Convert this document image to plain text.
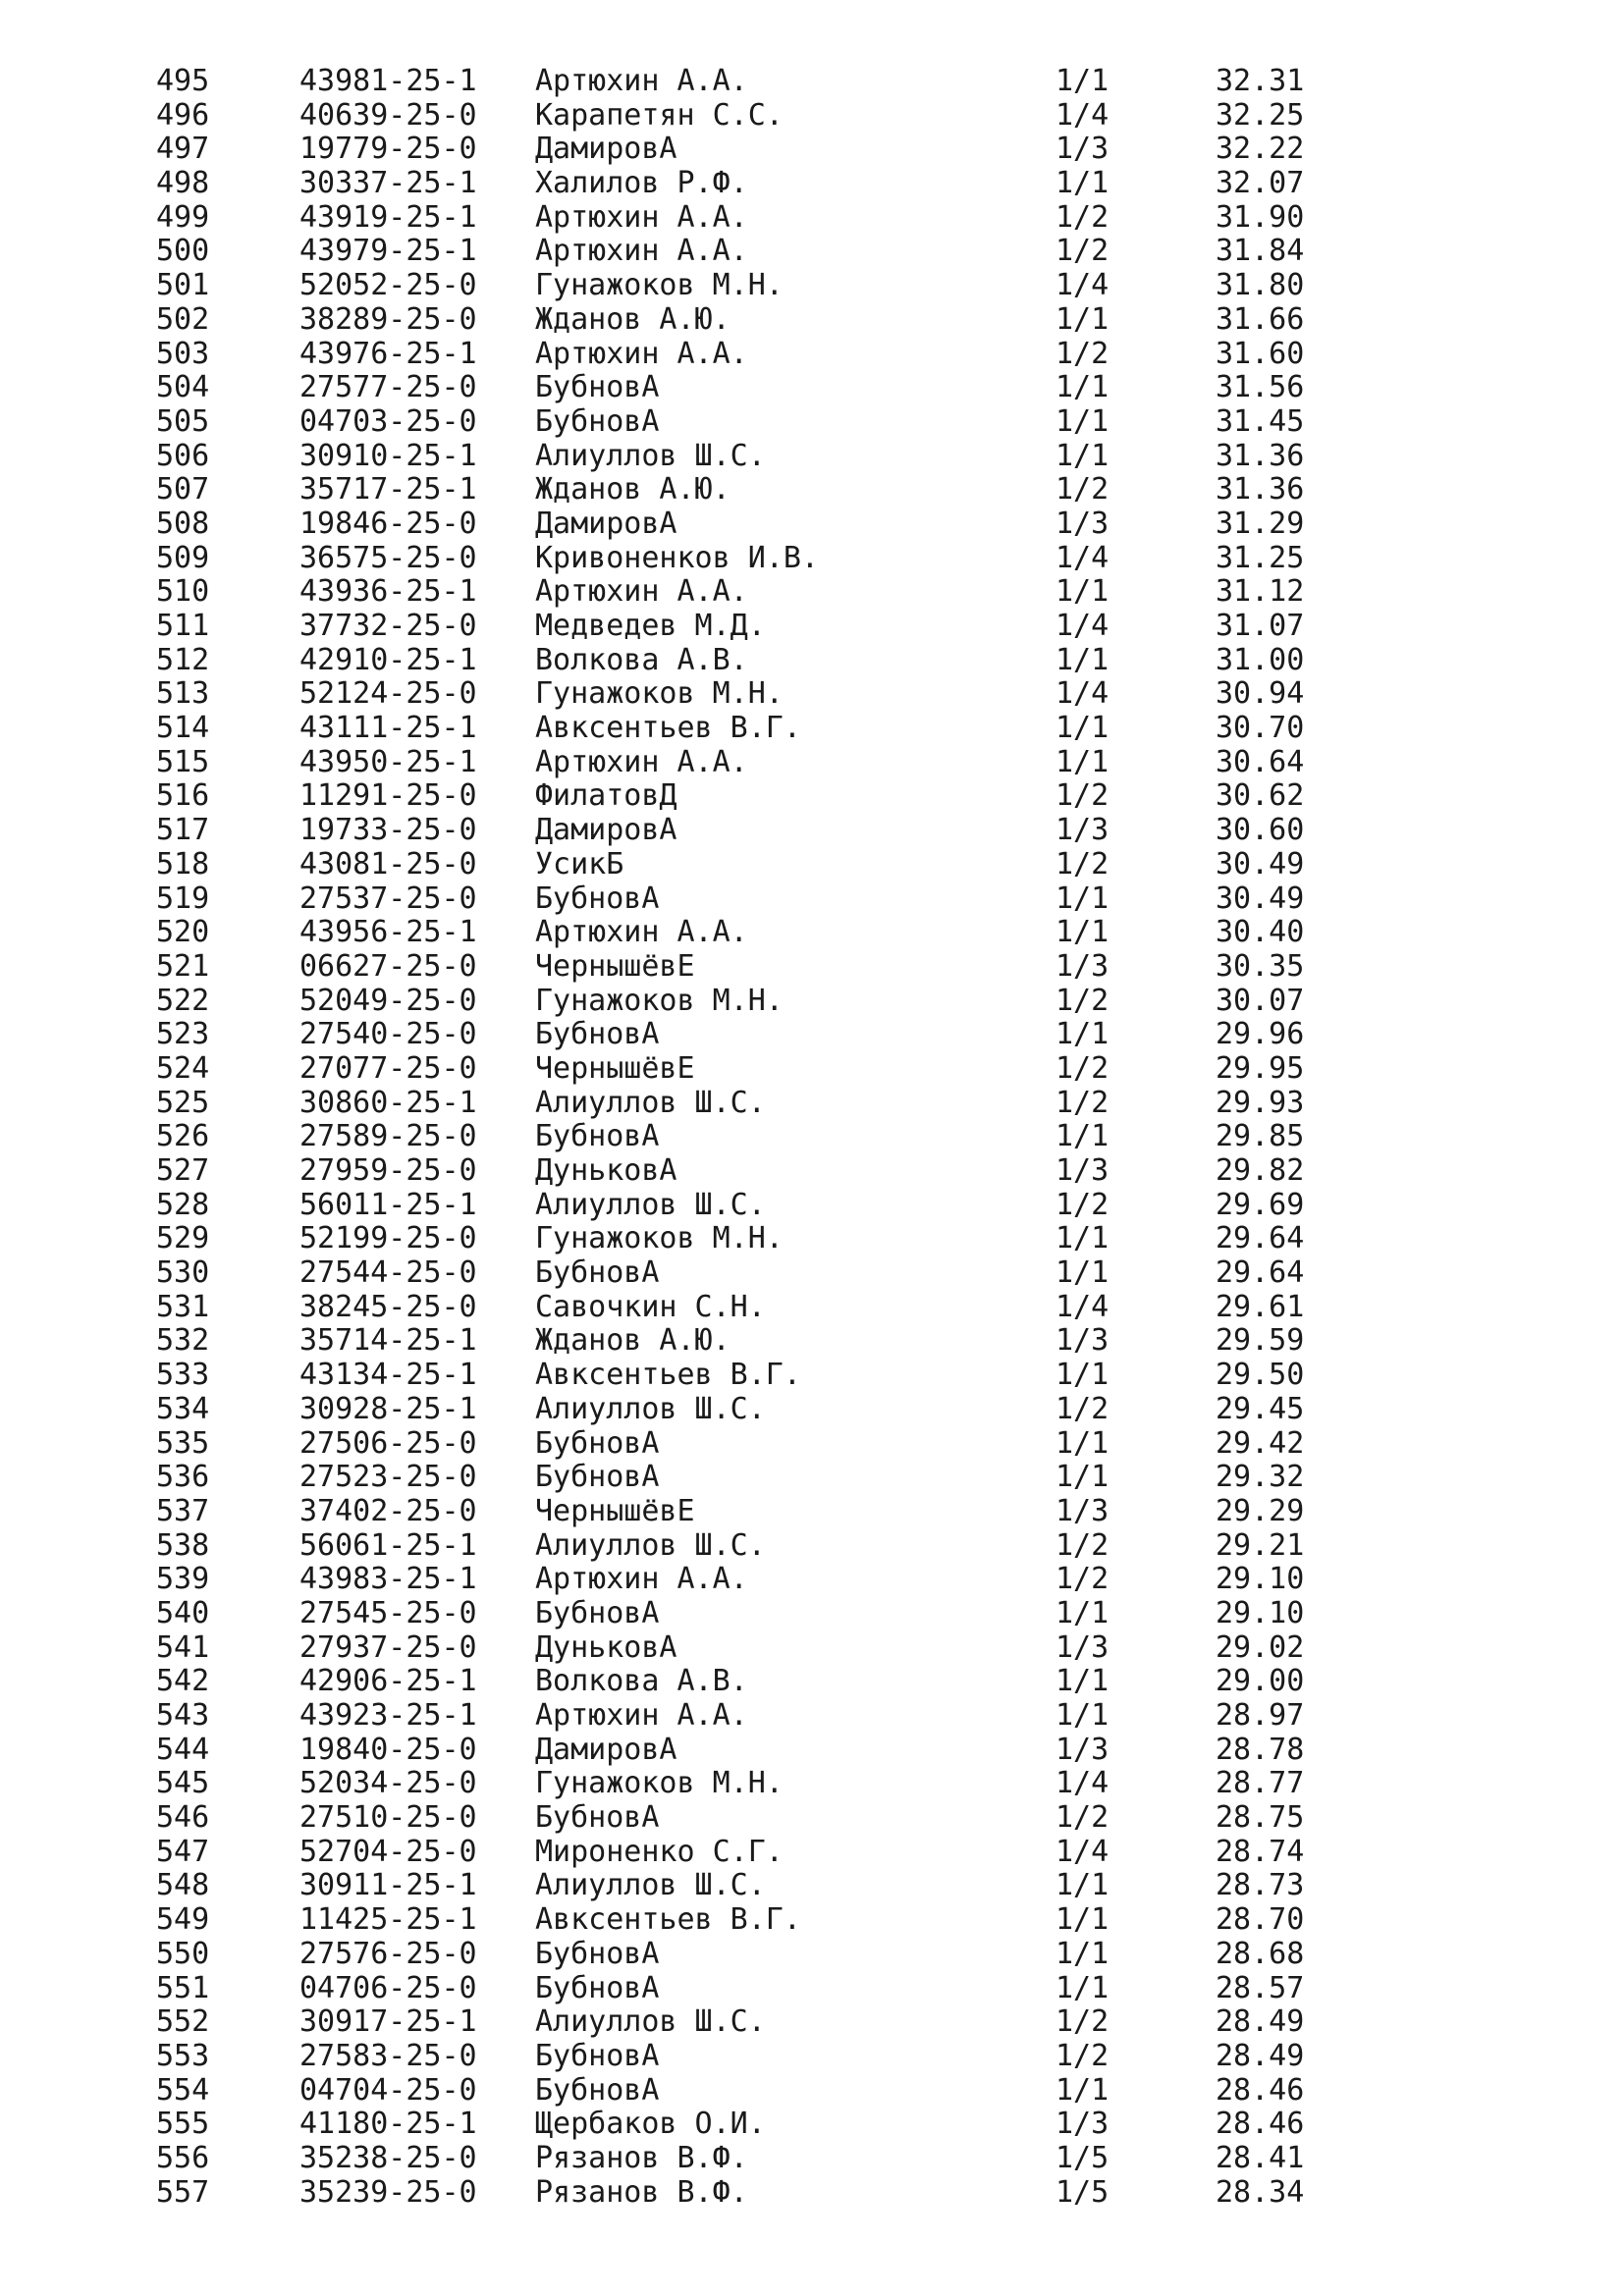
495	43981-25-1	Артюхин А.А.	1/1	32.31
496	40639-25-0	Карапетян С.С.	1/4	32.25
497	19779-25-0	ДамировА	1/3	32.22
498	30337-25-1	Халилов Р.Ф.	1/1	32.07
499	43919-25-1	Артюхин А.А.	1/2	31.90
500	43979-25-1	Артюхин А.А.	1/2	31.84
501	52052-25-0	Гунажоков М.Н.	1/4	31.80
502	38289-25-0	Жданов А.Ю.	1/1	31.66
503	43976-25-1	Артюхин А.А.	1/2	31.60
504	27577-25-0	БубновА	1/1	31.56
505	04703-25-0	БубновА	1/1	31.45
506	30910-25-1	Алиуллов Ш.С.	1/1	31.36
507	35717-25-1	Жданов А.Ю.	1/2	31.36
508	19846-25-0	ДамировА	1/3	31.29
509	36575-25-0	Кривоненков И.В.	1/4	31.25
510	43936-25-1	Артюхин А.А.	1/1	31.12
511	37732-25-0	Медведев М.Д.	1/4	31.07
512	42910-25-1	Волкова А.В.	1/1	31.00
513	52124-25-0	Гунажоков М.Н.	1/4	30.94
514	43111-25-1	Авксентьев В.Г.	1/1	30.70
515	43950-25-1	Артюхин А.А.	1/1	30.64
516	11291-25-0	ФилатовД	1/2	30.62
517	19733-25-0	ДамировА	1/3	30.60
518	43081-25-0	УсикБ	1/2	30.49
519	27537-25-0	БубновА	1/1	30.49
520	43956-25-1	Артюхин А.А.	1/1	30.40
521	06627-25-0	ЧернышёвЕ	1/3	30.35
522	52049-25-0	Гунажоков М.Н.	1/2	30.07
523	27540-25-0	БубновА	1/1	29.96
524	27077-25-0	ЧернышёвЕ	1/2	29.95
525	30860-25-1	Алиуллов Ш.С.	1/2	29.93
526	27589-25-0	БубновА	1/1	29.85
527	27959-25-0	ДуньковА	1/3	29.82
528	56011-25-1	Алиуллов Ш.С.	1/2	29.69
529	52199-25-0	Гунажоков М.Н.	1/1	29.64
530	27544-25-0	БубновА	1/1	29.64
531	38245-25-0	Савочкин С.Н.	1/4	29.61
532	35714-25-1	Жданов А.Ю.	1/3	29.59
533	43134-25-1	Авксентьев В.Г.	1/1	29.50
534	30928-25-1	Алиуллов Ш.С.	1/2	29.45
535	27506-25-0	БубновА	1/1	29.42
536	27523-25-0	БубновА	1/1	29.32
537	37402-25-0	ЧернышёвЕ	1/3	29.29
538	56061-25-1	Алиуллов Ш.С.	1/2	29.21
539	43983-25-1	Артюхин А.А.	1/2	29.10
540	27545-25-0	БубновА	1/1	29.10
541	27937-25-0	ДуньковА	1/3	29.02
542	42906-25-1	Волкова А.В.	1/1	29.00
543	43923-25-1	Артюхин А.А.	1/1	28.97
544	19840-25-0	ДамировА	1/3	28.78
545	52034-25-0	Гунажоков М.Н.	1/4	28.77
546	27510-25-0	БубновА	1/2	28.75
547	52704-25-0	Мироненко С.Г.	1/4	28.74
548	30911-25-1	Алиуллов Ш.С.	1/1	28.73
549	11425-25-1	Авксентьев В.Г.	1/1	28.70
550	27576-25-0	БубновА	1/1	28.68
551	04706-25-0	БубновА	1/1	28.57
552	30917-25-1	Алиуллов Ш.С.	1/2	28.49
553	27583-25-0	БубновА	1/2	28.49
554	04704-25-0	БубновА	1/1	28.46
555	41180-25-1	Щербаков О.И.	1/3	28.46
556	35238-25-0	Рязанов В.Ф.	1/5	28.41
557	35239-25-0	Рязанов В.Ф.	1/5	28.34
